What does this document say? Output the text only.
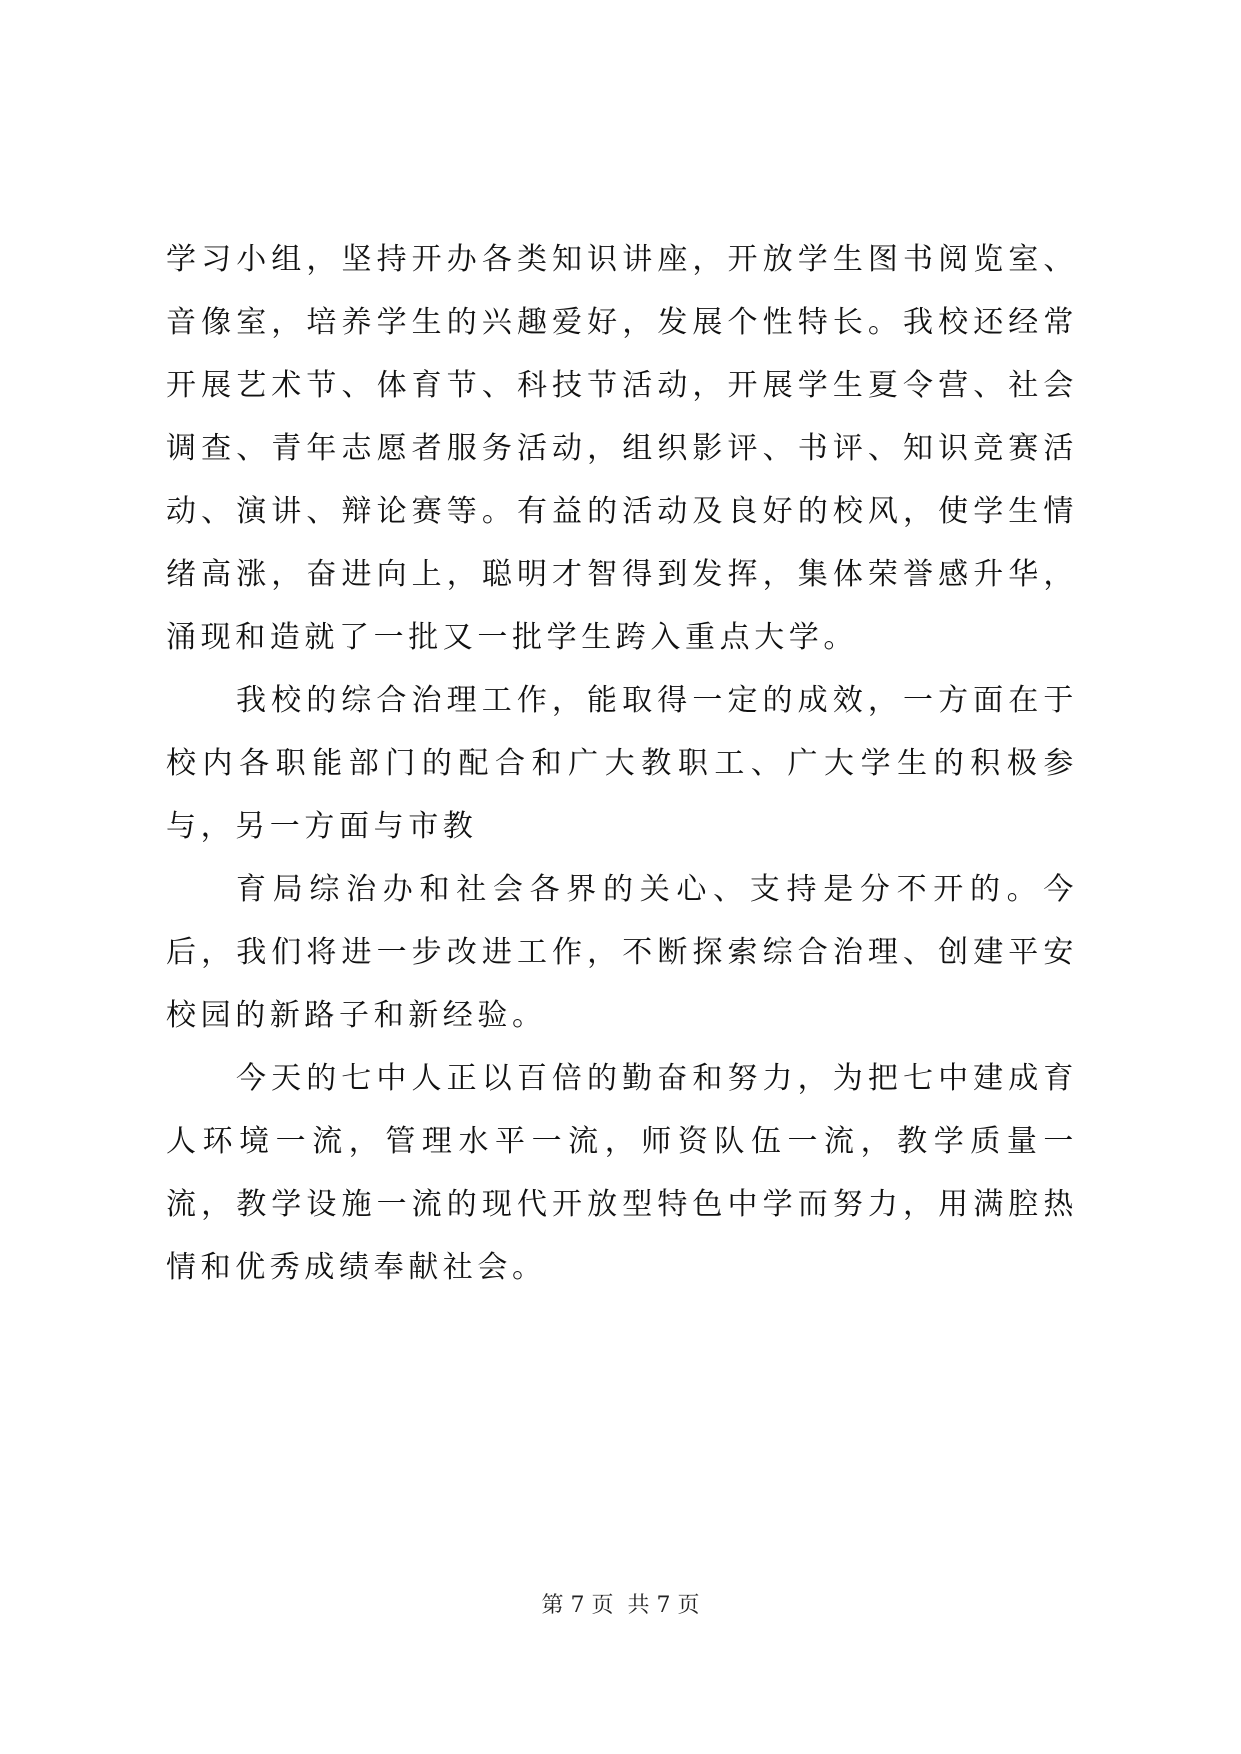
学习小组，坚持开办各类知识讲座，开放学生图书阅览室、音像室，培养学生的兴趣爱好，发展个性特长。我校还经常开展艺术节、体育节、科技节活动，开展学生夏令营、社会调查、青年志愿者服务活动，组织影评、书评、知识竞赛活动、演讲、辩论赛等。有益的活动及良好的校风，使学生情绪高涨，奋进向上，聪明才智得到发挥，集体荣誉感升华，涌现和造就了一批又一批学生跨入重点大学。

我校的综合治理工作，能取得一定的成效，一方面在于校内各职能部门的配合和广大教职工、广大学生的积极参与，另一方面与市教

育局综治办和社会各界的关心、支持是分不开的。今后，我们将进一步改进工作，不断探索综合治理、创建平安校园的新路子和新经验。

今天的七中人正以百倍的勤奋和努力，为把七中建成育人环境一流，管理水平一流，师资队伍一流，教学质量一流，教学设施一流的现代开放型特色中学而努力，用满腔热情和优秀成绩奉献社会。

第 7 页  共 7 页
